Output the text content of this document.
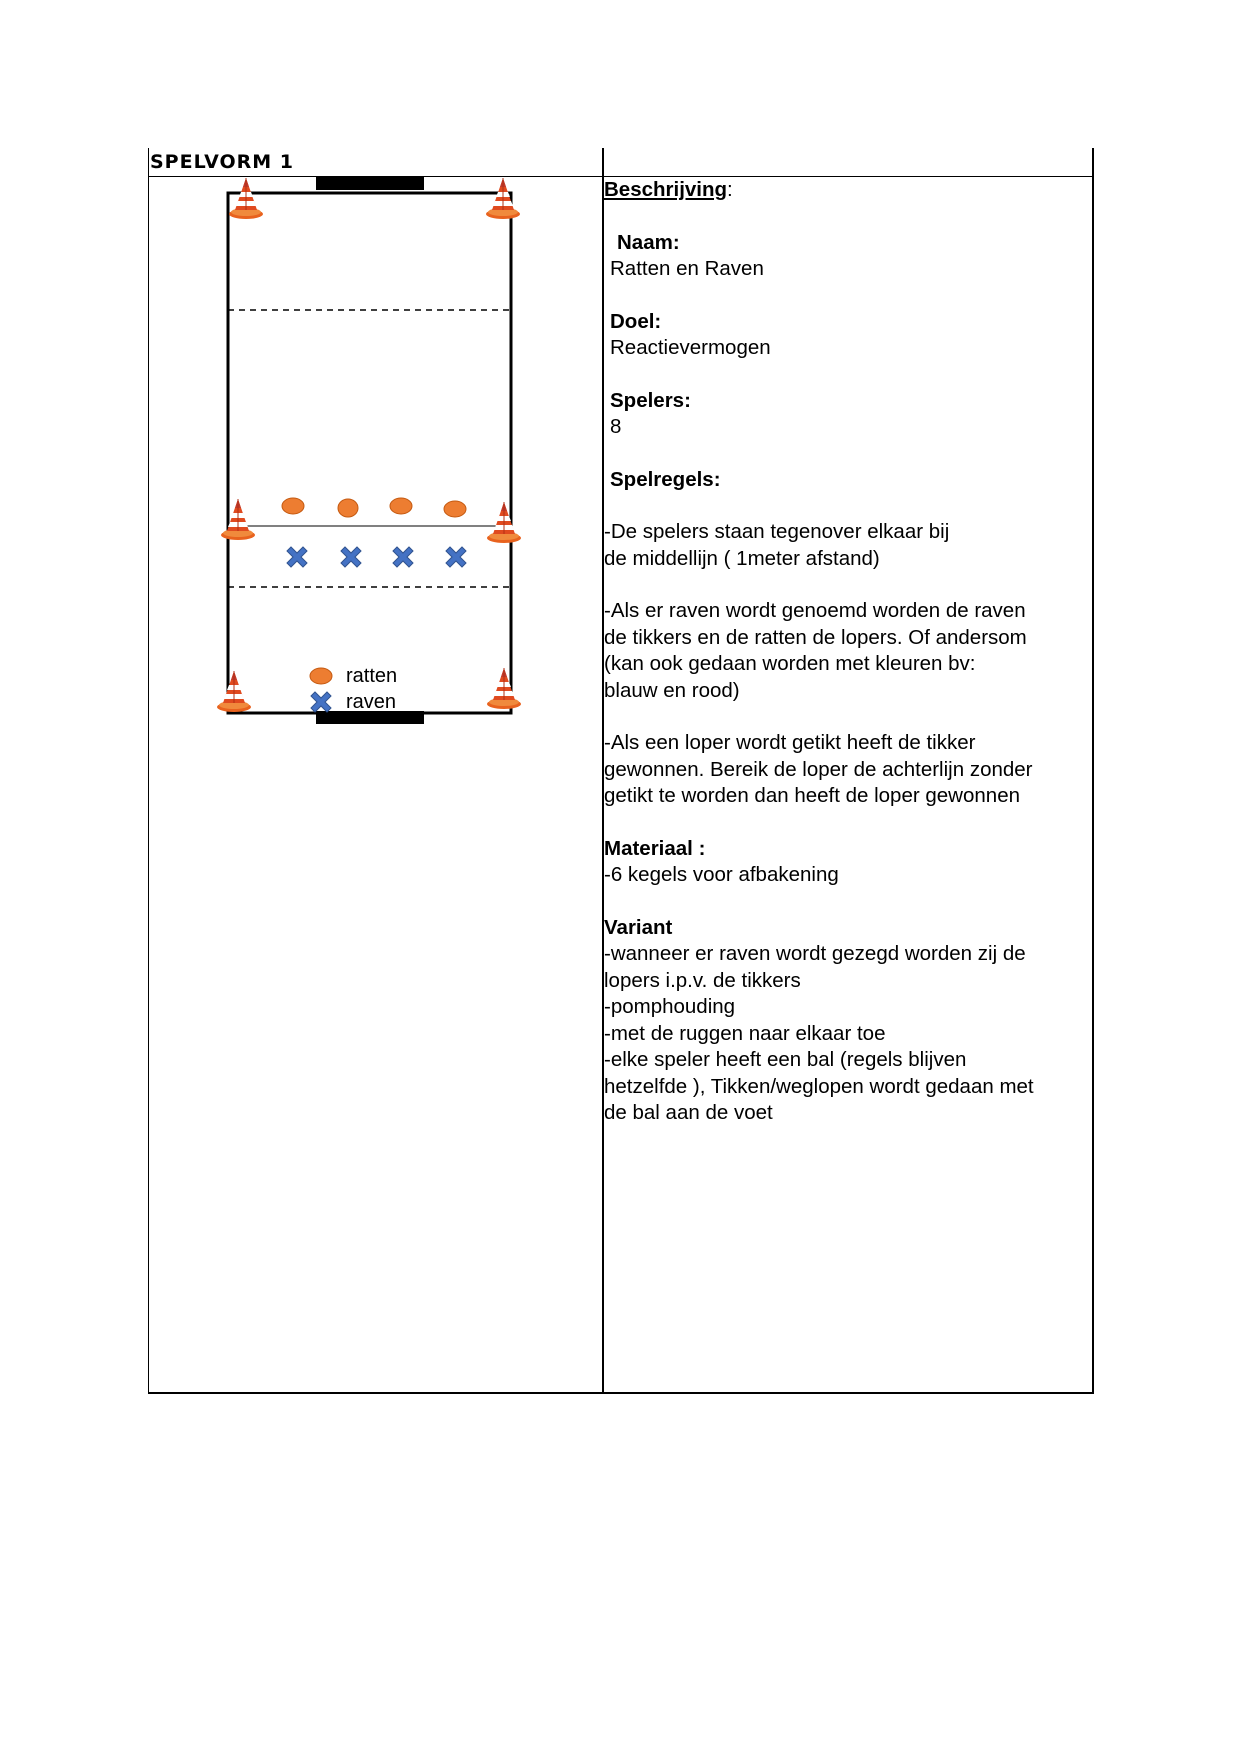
SPELVORM 1

ratten
raven

Beschrijving:

Naam:

Ratten en Raven

Doel:

Reactievermogen

Spelers:

8

Spelregels:

-De spelers staan tegenover elkaar bij

de middellijn ( 1meter afstand)

-Als er raven wordt genoemd worden de raven

de tikkers en de ratten de lopers. Of andersom

(kan ook gedaan worden met kleuren bv:

blauw en rood)

-Als een loper wordt getikt heeft de tikker

gewonnen. Bereik de loper de achterlijn zonder

getikt te worden dan heeft de loper gewonnen

Materiaal :

-6 kegels voor afbakening

Variant

-wanneer er raven wordt gezegd worden zij de

lopers i.p.v. de tikkers

-pomphouding

-met de ruggen naar elkaar toe

-elke speler heeft een bal (regels blijven

hetzelfde ), Tikken/weglopen wordt gedaan met

de bal aan de voet
